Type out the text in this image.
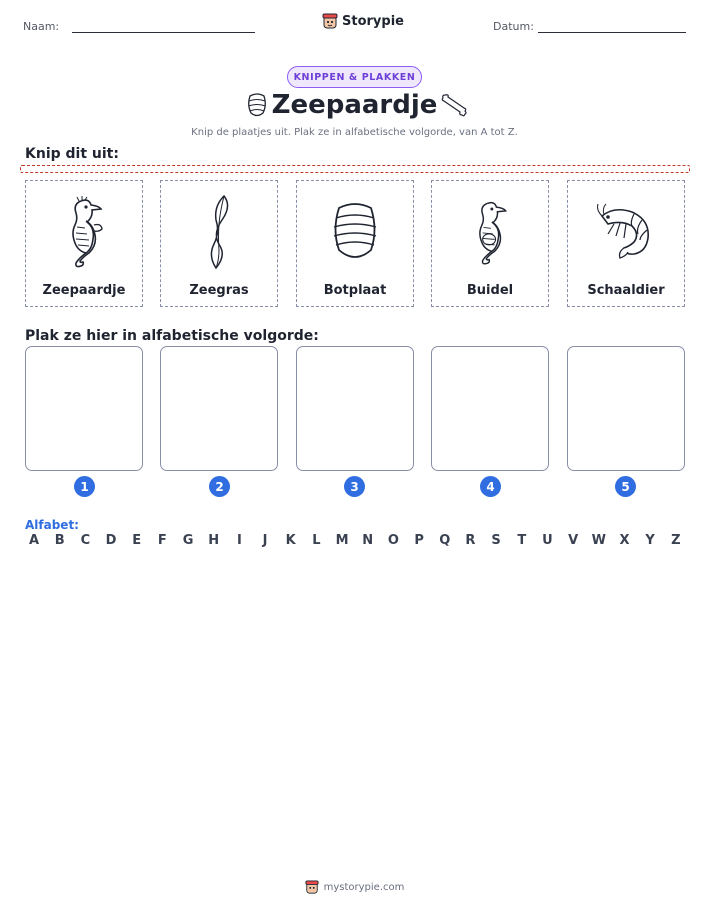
Naam:	Storypie	Datum:
KNIPPEN & PLAKKEN
Zeepaardje
Knip de plaatjes uit. Plak ze in alfabetische volgorde, van A tot Z.
Knip dit uit:
Zeepaardje	Zeegras	Botplaat	Buidel	Schaaldier
Plak ze hier in alfabetische volgorde:
1	2	3	4	5
Alfabet:
A	B	C	D	E	F	G H	I	J	K	L	M N O	P	Q	R	S	T	U	V	W	X	Y	Z
mystorypie.com
